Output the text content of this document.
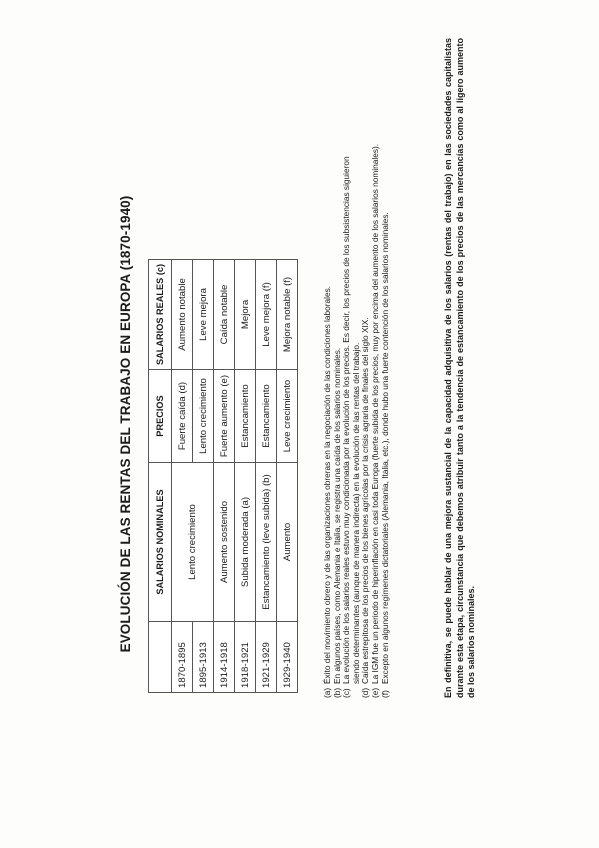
EVOLUCIÓN DE LAS RENTAS DEL TRABAJO EN EUROPA (1870-1940)
	SALARIOS NOMINALES	PRECIOS	SALARIOS REALES (c)
1870-1895	Lento crecimiento	Fuerte caída (d)	Aumento notable
1895-1913		Lento crecimiento	Leve mejora
1914-1918	Aumento sostenido	Fuerte aumento (e)	Caída notable
1918-1921	Subida moderada (a)	Estancamiento	Mejora
1921-1929	Estancamiento (leve subida) (b)	Estancamiento	Leve mejora (f)
1929-1940	Aumento	Leve crecimiento	Mejora notable (f)
(a)
Éxito del movimiento obrero y de las organizaciones obreras en la negociación de las condiciones laborales.
(b)
En algunos países, como Alemania e Italia, se registra una caída de los salarios nominales.
(c)
La evolución de los salarios reales estuvo muy condicionada por la evolución de los precios. Es decir, los precios de los subsistencias siguieron siendo determinantes (aunque de manera indirecta) en la evolución de las rentas del trabajo.
(d)
Caída estrepitosa de los precios de los bienes agrícolas por la crisis agraria de finales del siglo XIX.
(e)
La IGM fue un periodo de hiperinflación en casi toda Europa (fuerte subida de los precios, muy por encima del aumento de los salarios nominales).
(f)
Excepto en algunos regímenes dictatoriales (Alemania, Italia, etc.), donde hubo una fuerte contención de los salarios nominales.	En definitiva, se puede hablar de una mejora sustancial de la capacidad adquisitiva de los salarios (rentas del trabajo) en las sociedades capitalistas durante esta etapa, circunstancia que debemos atribuir tanto a la tendencia de estancamiento de los precios de las mercancías como al ligero aumento de los salarios nominales.
